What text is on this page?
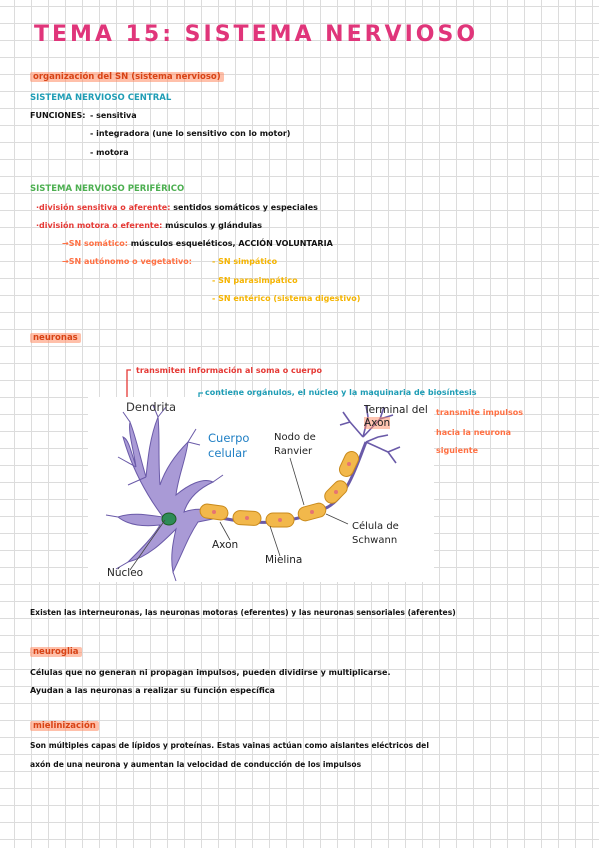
TEMA 15: SISTEMA NERVIOSO
organización del SN (sistema nervioso)
SISTEMA NERVIOSO CENTRAL
FUNCIONES: - sensitiva
- integradora (une lo sensitivo con lo motor)
- motora
SISTEMA NERVIOSO PERIFÉRICO
·división sensitiva o aferente: sentidos somáticos y especiales
·división motora o eferente: músculos y glándulas
→SN somático: músculos esqueléticos, ACCIÓN VOLUNTARIA
→SN autónomo o vegetativo:	- SN simpático
- SN parasimpático
- SN entérico (sistema digestivo)
neuronas
transmiten información al soma o cuerpo
contiene orgánulos, el núcleo y la maquinaria de biosíntesis
transmite impulsos
hacia la neurona
siguiente
Dendrita
Cuerpo
celular
Nodo de
Ranvier
Terminal del
Axon
Axon
Célula de
Schwann
Mielina
Núcleo
Existen las interneuronas, las neuronas motoras (eferentes) y las neuronas sensoriales (aferentes)
neuroglia
Células que no generan ni propagan impulsos, pueden dividirse y multiplicarse.
Ayudan a las neuronas a realizar su función específica
mielinización
Son múltiples capas de lípidos y proteínas. Estas vainas actúan como aislantes eléctricos del
axón de una neurona y aumentan la velocidad de conducción de los impulsos
